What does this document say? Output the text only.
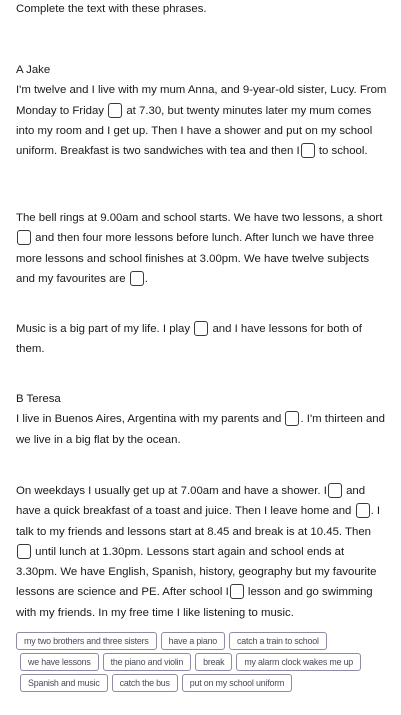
Complete the text with these phrases.
A Jake
I'm twelve and I live with my mum Anna, and 9-year-old sister, Lucy. From Monday to Friday at 7.30, but twenty minutes later my mum comes into my room and I get up. Then I have a shower and put on my school uniform. Breakfast is two sandwiches with tea and then I to school.
The bell rings at 9.00am and school starts. We have two lessons, a short and then four more lessons before lunch. After lunch we have three more lessons and school finishes at 3.00pm. We have twelve subjects and my favourites are .
Music is a big part of my life. I play and I have lessons for both of them.
B Teresa
I live in Buenos Aires, Argentina with my parents and . I'm thirteen and we live in a big flat by the ocean.
On weekdays I usually get up at 7.00am and have a shower. I and have a quick breakfast of a toast and juice. Then I leave home and . I talk to my friends and lessons start at 8.45 and break is at 10.45. Then  until lunch at 1.30pm. Lessons start again and school ends at 3.30pm. We have English, Spanish, history, geography but my favourite lessons are science and PE. After school I lesson and go swimming with my friends. In my free time I like listening to music.
my two brothers and three sisters	have a piano	catch a train to school
we have lessons	the piano and violin	break	my alarm clock wakes me up
Spanish and music	catch the bus	put on my school uniform
